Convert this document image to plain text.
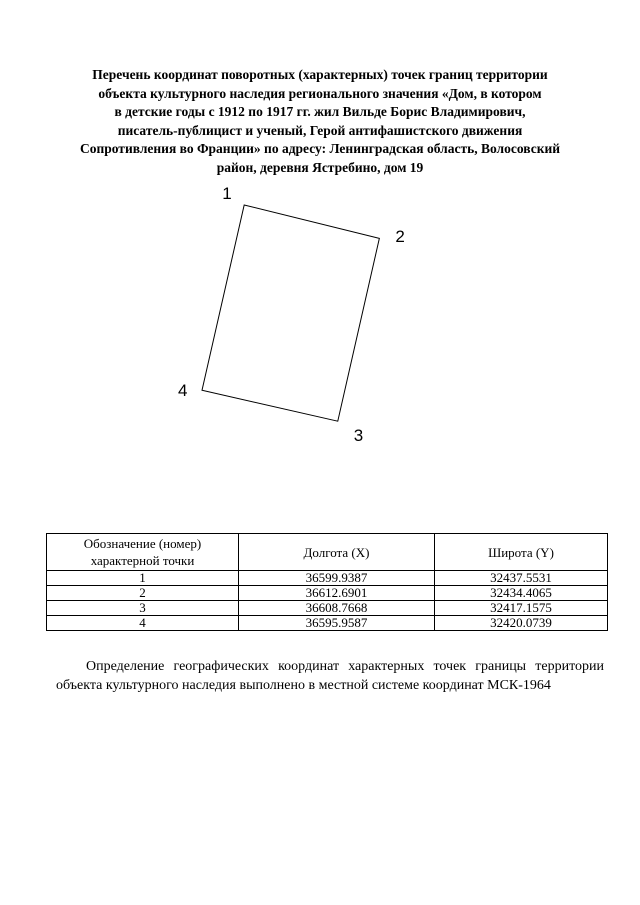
Перечень координат поворотных (характерных) точек границ территории
объекта культурного наследия регионального значения «Дом, в котором
в детские годы с 1912 по 1917 гг. жил Вильде Борис Владимирович,
писатель-публицист и ученый, Герой антифашистского движения
Сопротивления во Франции» по адресу: Ленинградская область, Волосовский
район, деревня Ястребино, дом 19
1
2
3
4
Обозначение (номер)
характерной точки	Долгота (X)	Широта (Y)
1	36599.9387	32437.5531
2	36612.6901	32434.4065
3	36608.7668	32417.1575
4	36595.9587	32420.0739

Определение географических координат характерных точек границы территории объекта культурного наследия выполнено в местной системе координат МСК-1964
